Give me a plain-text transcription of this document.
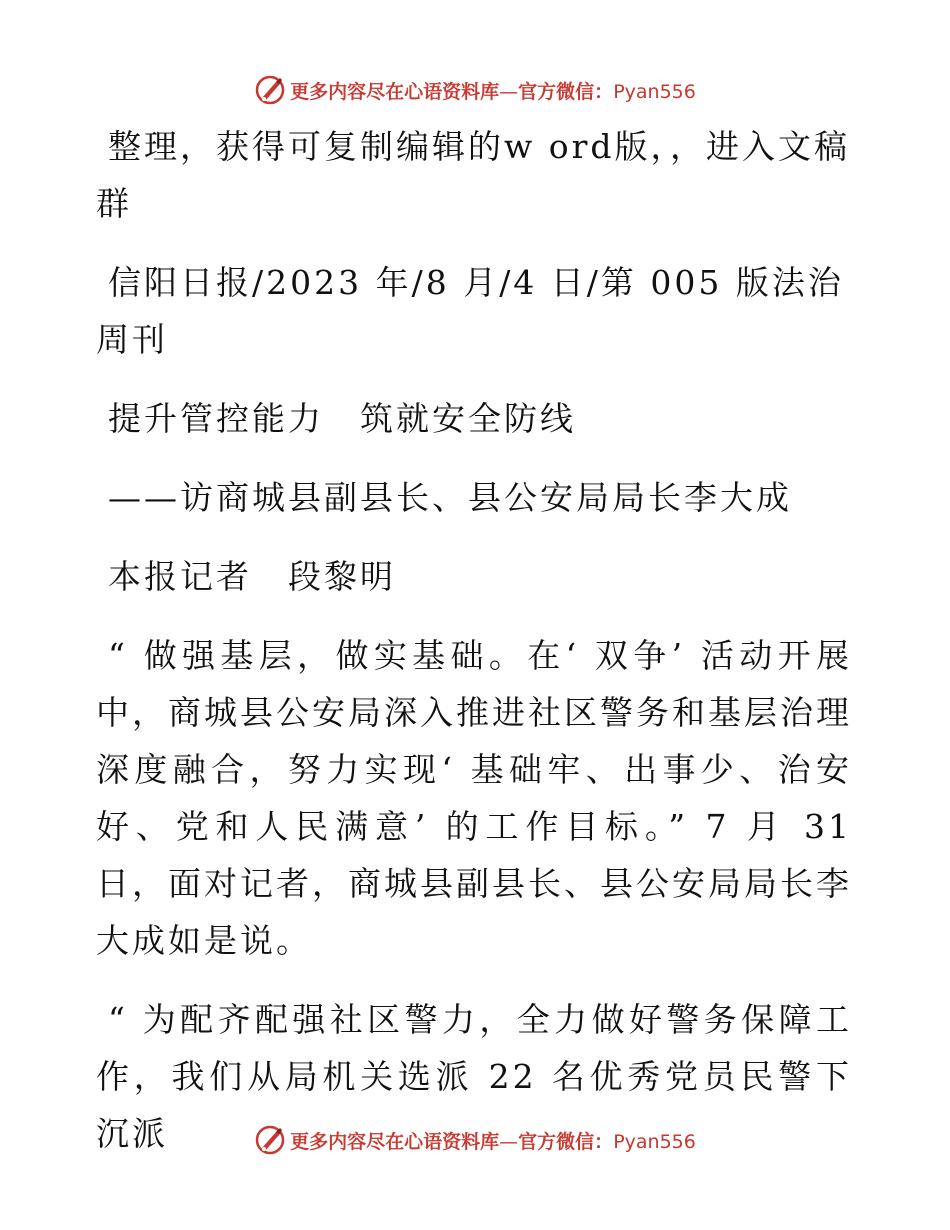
更多内容尽在心语资料库—官方微信：Pyan556

整理，获得可复制编辑的w ord版，，进入文稿群

信阳日报/2023 年/8 月/4 日/第 005 版法治周刊

提升管控能力　筑就安全防线

——访商城县副县长、县公安局局长李大成

本报记者　段黎明

“ 做强基层，做实基础。在‘ 双争’ 活动开展中，商城县公安局深入推进社区警务和基层治理深度融合，努力实现‘ 基础牢、出事少、治安好、党和人民满意’ 的工作目标。” 7 月 31 日，面对记者，商城县副县长、县公安局局长李大成如是说。

“ 为配齐配强社区警力，全力做好警务保障工作，我们从局机关选派 22 名优秀党员民警下沉派	更多内容尽在心语资料库—官方微信：Pyan556
